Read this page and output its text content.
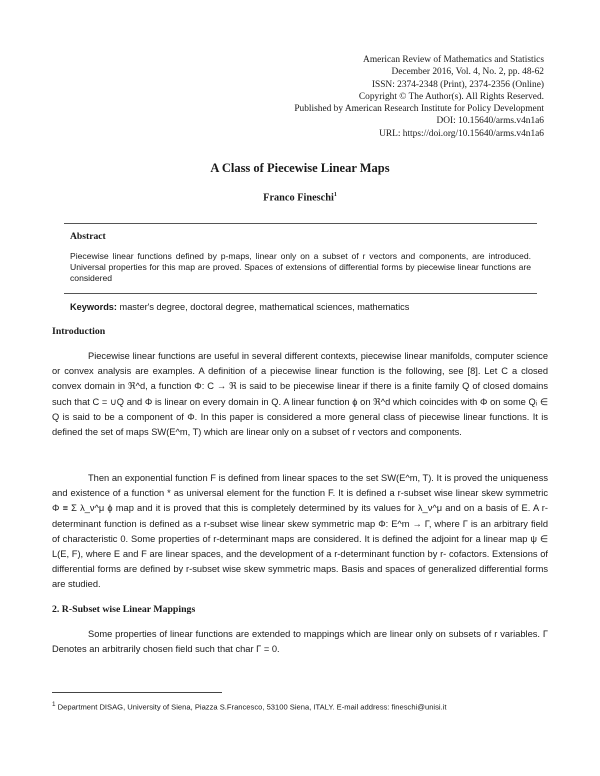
American Review of Mathematics and Statistics
December 2016, Vol. 4, No. 2, pp. 48-62
ISSN: 2374-2348 (Print), 2374-2356 (Online)
Copyright © The Author(s). All Rights Reserved.
Published by American Research Institute for Policy Development
DOI: 10.15640/arms.v4n1a6
URL: https://doi.org/10.15640/arms.v4n1a6
A Class of Piecewise Linear Maps
Franco Fineschi$^1$
Abstract
Piecewise linear functions defined by p-maps, linear only on a subset of r vectors and components, are introduced. Universal properties for this map are proved. Spaces of extensions of differential forms by piecewise linear functions are considered
Keywords: master's degree, doctoral degree, mathematical sciences, mathematics
Introduction
Piecewise linear functions are useful in several different contexts, piecewise linear manifolds, computer science or convex analysis are examples. A definition of a piecewise linear function is the following, see [8]. Let C a closed convex domain in ℜ^d, a function Φ: C → ℜ is said to be piecewise linear if there is a finite family Q of closed domains such that C = ∪Q and Φ is linear on every domain in Q. A linear function ϕ on ℜ^d which coincides with Φ on some Qᵢ ∈ Q is said to be a component of Φ. In this paper is considered a more general class of piecewise linear functions. It is defined the set of maps SW(E^m, T) which are linear only on a subset of r vectors and components.
Then an exponential function F is defined from linear spaces to the set SW(E^m, T). It is proved the uniqueness and existence of a function * as universal element for the function F. It is defined a r-subset wise linear skew symmetric Φ ≡ Σ λ_ν^μ ϕ map and it is proved that this is completely determined by its values for λ_ν^μ and on a basis of E. A r-determinant function is defined as a r-subset wise linear skew symmetric map Φ: E^m → Γ, where Γ is an arbitrary field of characteristic 0. Some properties of r-determinant maps are considered. It is defined the adjoint for a linear map ψ ∈ L(E, F), where E and F are linear spaces, and the development of a r-determinant function by r- cofactors. Extensions of differential forms are defined by r-subset wise skew symmetric maps. Basis and spaces of generalized differential forms are studied.
2. R-Subset wise Linear Mappings
Some properties of linear functions are extended to mappings which are linear only on subsets of r variables. Γ Denotes an arbitrarily chosen field such that char Γ = 0.
$^1$ Department DISAG, University of Siena, Piazza S.Francesco, 53100 Siena, ITALY. E-mail address: fineschi@unisi.it
